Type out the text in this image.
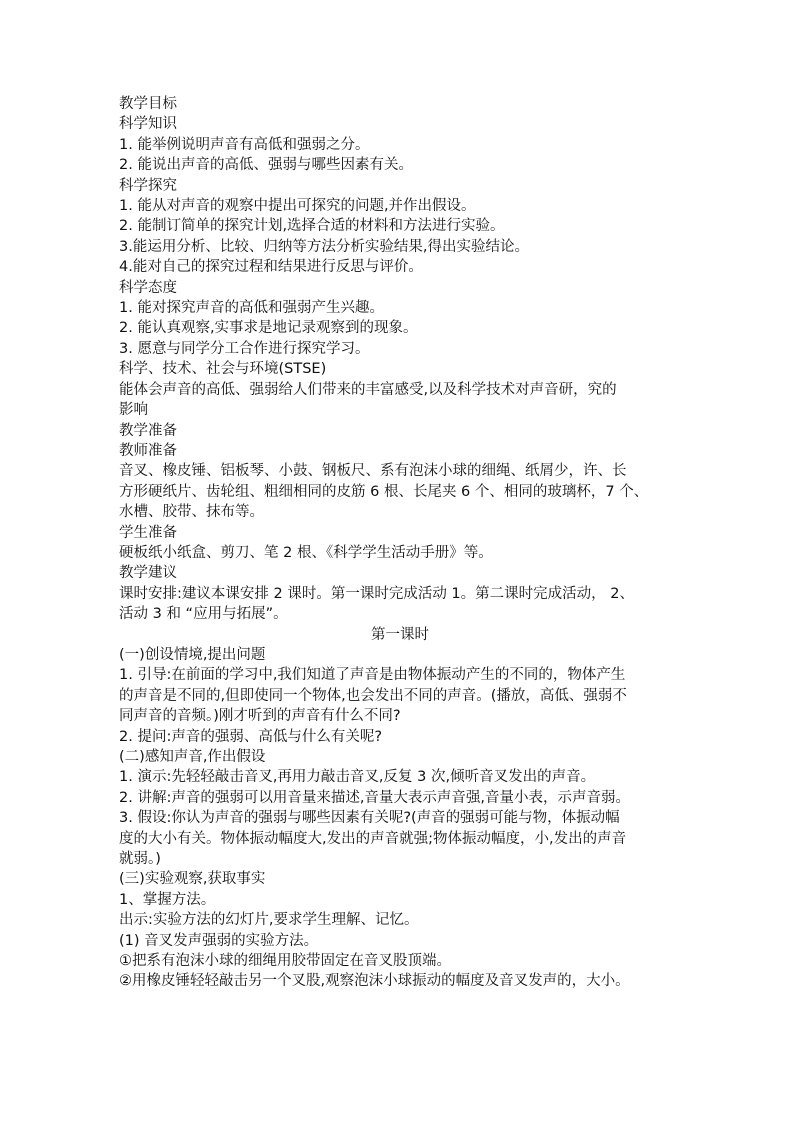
教学目标
科学知识
1. 能举例说明声音有高低和强弱之分。
2. 能说出声音的高低、强弱与哪些因素有关。
科学探究
1. 能从对声音的观察中提出可探究的问题,并作出假设。
2. 能制订简单的探究计划,选择合适的材料和方法进行实验。
3.能运用分析、比较、归纳等方法分析实验结果,得出实验结论。
4.能对自己的探究过程和结果进行反思与评价。
科学态度
1. 能对探究声音的高低和强弱产生兴趣。
2. 能认真观察,实事求是地记录观察到的现象。
3. 愿意与同学分工合作进行探究学习。
科学、技术、社会与环境(STSE)
能体会声音的高低、强弱给人们带来的丰富感受,以及科学技术对声音研，究的
影响
教学准备
教师准备
音叉、橡皮锤、铝板琴、小鼓、钢板尺、系有泡沫小球的细绳、纸屑少，许、长
方形硬纸片、齿轮组、粗细相同的皮筋 6 根、长尾夹 6 个、相同的玻璃杯，7 个、
水槽、胶带、抹布等。
学生准备
硬板纸小纸盒、剪刀、笔 2 根、《科学学生活动手册》等。
教学建议
课时安排:建议本课安排 2 课时。第一课时完成活动 1。第二课时完成活动， 2、
活动 3 和 “应用与拓展”。
第一课时
(一)创设情境,提出问题
1. 引导:在前面的学习中,我们知道了声音是由物体振动产生的不同的，物体产生
的声音是不同的,但即使同一个物体,也会发出不同的声音。(播放，高低、强弱不
同声音的音频。)刚才听到的声音有什么不同?
2. 提问:声音的强弱、高低与什么有关呢?
(二)感知声音,作出假设
1. 演示:先轻轻敲击音叉,再用力敲击音叉,反复 3 次,倾听音叉发出的声音。
2. 讲解:声音的强弱可以用音量来描述,音量大表示声音强,音量小表，示声音弱。
3. 假设:你认为声音的强弱与哪些因素有关呢?(声音的强弱可能与物，体振动幅
度的大小有关。物体振动幅度大,发出的声音就强;物体振动幅度，小,发出的声音
就弱。)
(三)实验观察,获取事实
1、掌握方法。
出示:实验方法的幻灯片,要求学生理解、记忆。
(1) 音叉发声强弱的实验方法。
①把系有泡沫小球的细绳用胶带固定在音叉股顶端。
②用橡皮锤轻轻敲击另一个叉股,观察泡沫小球振动的幅度及音叉发声的，大小。
